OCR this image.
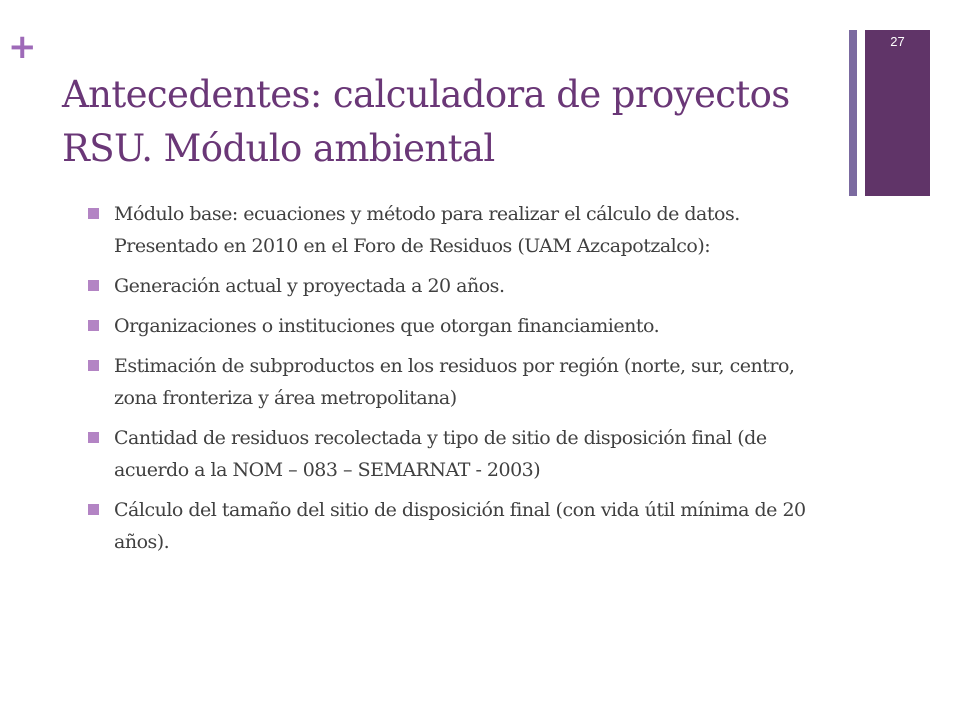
+	27
Antecedentes: calculadora de proyectos RSU. Módulo ambiental
Módulo base: ecuaciones y método para realizar el cálculo de datos. Presentado en 2010 en el Foro de Residuos (UAM Azcapotzalco):
Generación actual y proyectada a 20 años.
Organizaciones o instituciones que otorgan financiamiento.
Estimación de subproductos en los residuos por región (norte, sur, centro, zona fronteriza y área metropolitana)
Cantidad de residuos recolectada y tipo de sitio de disposición final (de acuerdo a la NOM – 083 – SEMARNAT - 2003)
Cálculo del tamaño del sitio de disposición final (con vida útil mínima de 20 años).
